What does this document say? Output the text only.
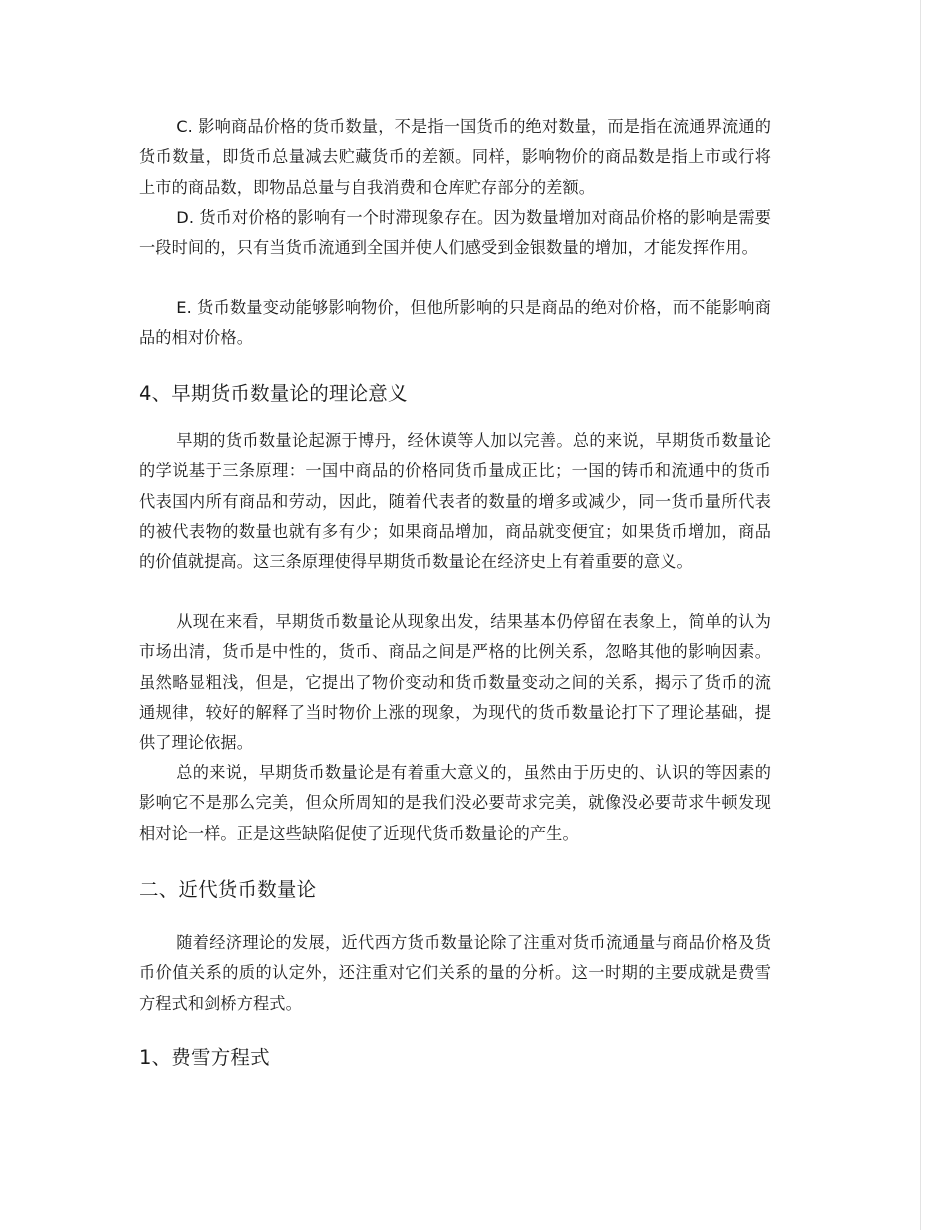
C. 影响商品价格的货币数量，不是指一国货币的绝对数量，而是指在流通界流通的货币数量，即货币总量减去贮藏货币的差额。同样，影响物价的商品数是指上市或行将上市的商品数，即物品总量与自我消费和仓库贮存部分的差额。

D. 货币对价格的影响有一个时滞现象存在。因为数量增加对商品价格的影响是需要一段时间的，只有当货币流通到全国并使人们感受到金银数量的增加，才能发挥作用。

E. 货币数量变动能够影响物价，但他所影响的只是商品的绝对价格，而不能影响商品的相对价格。

4、早期货币数量论的理论意义

早期的货币数量论起源于博丹，经休谟等人加以完善。总的来说，早期货币数量论的学说基于三条原理：一国中商品的价格同货币量成正比；一国的铸币和流通中的货币代表国内所有商品和劳动，因此，随着代表者的数量的增多或减少，同一货币量所代表的被代表物的数量也就有多有少；如果商品增加，商品就变便宜；如果货币增加，商品的价值就提高。这三条原理使得早期货币数量论在经济史上有着重要的意义。

从现在来看，早期货币数量论从现象出发，结果基本仍停留在表象上，简单的认为市场出清，货币是中性的，货币、商品之间是严格的比例关系，忽略其他的影响因素。虽然略显粗浅，但是，它提出了物价变动和货币数量变动之间的关系，揭示了货币的流通规律，较好的解释了当时物价上涨的现象，为现代的货币数量论打下了理论基础，提供了理论依据。

总的来说，早期货币数量论是有着重大意义的，虽然由于历史的、认识的等因素的影响它不是那么完美，但众所周知的是我们没必要苛求完美，就像没必要苛求牛顿发现相对论一样。正是这些缺陷促使了近现代货币数量论的产生。

二、近代货币数量论

随着经济理论的发展，近代西方货币数量论除了注重对货币流通量与商品价格及货币价值关系的质的认定外，还注重对它们关系的量的分析。这一时期的主要成就是费雪方程式和剑桥方程式。

1、费雪方程式
